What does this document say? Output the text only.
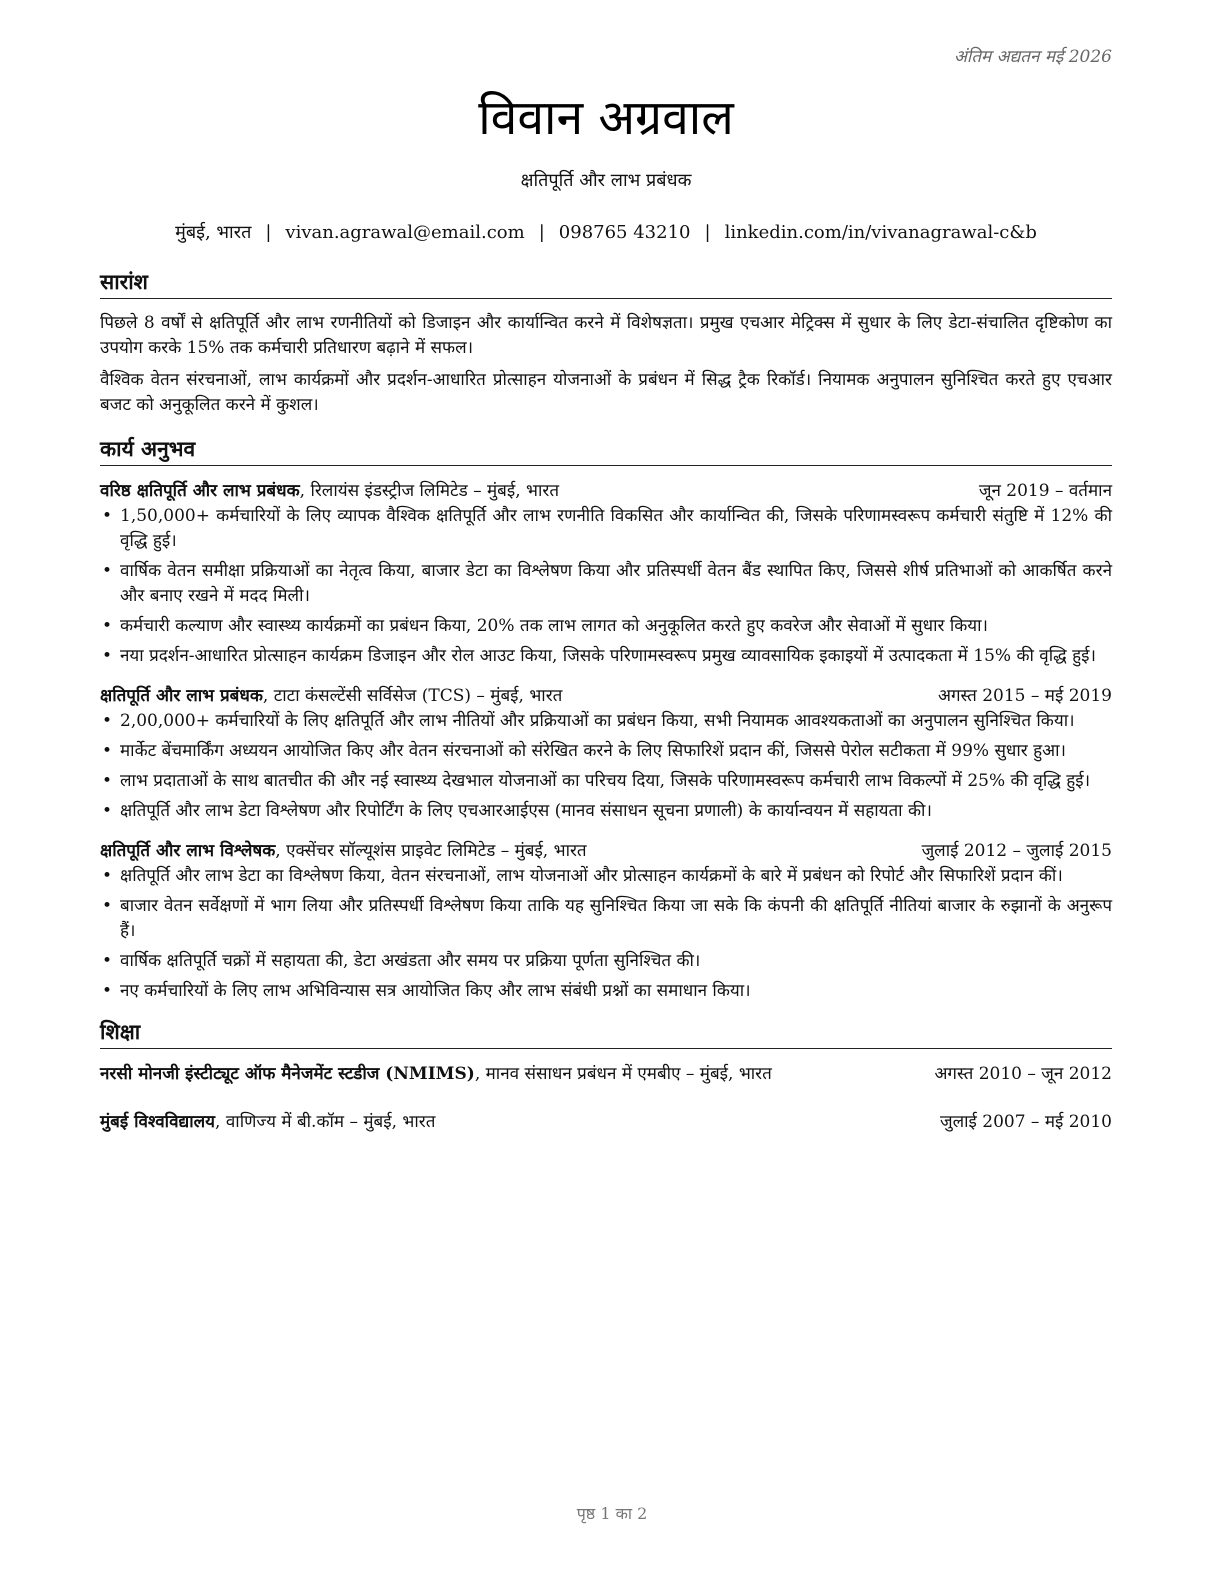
अंतिम अद्यतन मई 2026
विवान अग्रवाल
क्षतिपूर्ति और लाभ प्रबंधक
मुंबई, भारत | vivan.agrawal@email.com | 098765 43210 | linkedin.com/in/vivanagrawal-c&b
सारांश

पिछले 8 वर्षों से क्षतिपूर्ति और लाभ रणनीतियों को डिजाइन और कार्यान्वित करने में विशेषज्ञता। प्रमुख एचआर मेट्रिक्स में सुधार के लिए डेटा-संचालित दृष्टिकोण का उपयोग करके 15% तक कर्मचारी प्रतिधारण बढ़ाने में सफल।

वैश्विक वेतन संरचनाओं, लाभ कार्यक्रमों और प्रदर्शन-आधारित प्रोत्साहन योजनाओं के प्रबंधन में सिद्ध ट्रैक रिकॉर्ड। नियामक अनुपालन सुनिश्चित करते हुए एचआर बजट को अनुकूलित करने में कुशल।

कार्य अनुभव
वरिष्ठ क्षतिपूर्ति और लाभ प्रबंधक, रिलायंस इंडस्ट्रीज लिमिटेड – मुंबई, भारत	जून 2019 – वर्तमान
• 1,50,000+ कर्मचारियों के लिए व्यापक वैश्विक क्षतिपूर्ति और लाभ रणनीति विकसित और कार्यान्वित की, जिसके परिणामस्वरूप कर्मचारी संतुष्टि में 12% की वृद्धि हुई।
• वार्षिक वेतन समीक्षा प्रक्रियाओं का नेतृत्व किया, बाजार डेटा का विश्लेषण किया और प्रतिस्पर्धी वेतन बैंड स्थापित किए, जिससे शीर्ष प्रतिभाओं को आकर्षित करने और बनाए रखने में मदद मिली।
• कर्मचारी कल्याण और स्वास्थ्य कार्यक्रमों का प्रबंधन किया, 20% तक लाभ लागत को अनुकूलित करते हुए कवरेज और सेवाओं में सुधार किया।
• नया प्रदर्शन-आधारित प्रोत्साहन कार्यक्रम डिजाइन और रोल आउट किया, जिसके परिणामस्वरूप प्रमुख व्यावसायिक इकाइयों में उत्पादकता में 15% की वृद्धि हुई।
क्षतिपूर्ति और लाभ प्रबंधक, टाटा कंसल्टेंसी सर्विसेज (TCS) – मुंबई, भारत	अगस्त 2015 – मई 2019
• 2,00,000+ कर्मचारियों के लिए क्षतिपूर्ति और लाभ नीतियों और प्रक्रियाओं का प्रबंधन किया, सभी नियामक आवश्यकताओं का अनुपालन सुनिश्चित किया।
• मार्केट बेंचमार्किंग अध्ययन आयोजित किए और वेतन संरचनाओं को संरेखित करने के लिए सिफारिशें प्रदान कीं, जिससे पेरोल सटीकता में 99% सुधार हुआ।
• लाभ प्रदाताओं के साथ बातचीत की और नई स्वास्थ्य देखभाल योजनाओं का परिचय दिया, जिसके परिणामस्वरूप कर्मचारी लाभ विकल्पों में 25% की वृद्धि हुई।
• क्षतिपूर्ति और लाभ डेटा विश्लेषण और रिपोर्टिंग के लिए एचआरआईएस (मानव संसाधन सूचना प्रणाली) के कार्यान्वयन में सहायता की।
क्षतिपूर्ति और लाभ विश्लेषक, एक्सेंचर सॉल्यूशंस प्राइवेट लिमिटेड – मुंबई, भारत	जुलाई 2012 – जुलाई 2015
• क्षतिपूर्ति और लाभ डेटा का विश्लेषण किया, वेतन संरचनाओं, लाभ योजनाओं और प्रोत्साहन कार्यक्रमों के बारे में प्रबंधन को रिपोर्ट और सिफारिशें प्रदान कीं।
• बाजार वेतन सर्वेक्षणों में भाग लिया और प्रतिस्पर्धी विश्लेषण किया ताकि यह सुनिश्चित किया जा सके कि कंपनी की क्षतिपूर्ति नीतियां बाजार के रुझानों के अनुरूप हैं।
• वार्षिक क्षतिपूर्ति चक्रों में सहायता की, डेटा अखंडता और समय पर प्रक्रिया पूर्णता सुनिश्चित की।
• नए कर्मचारियों के लिए लाभ अभिविन्यास सत्र आयोजित किए और लाभ संबंधी प्रश्नों का समाधान किया।
शिक्षा
नरसी मोनजी इंस्टीट्यूट ऑफ मैनेजमेंट स्टडीज (NMIMS), मानव संसाधन प्रबंधन में एमबीए – मुंबई, भारत	अगस्त 2010 – जून 2012
मुंबई विश्वविद्यालय, वाणिज्य में बी.कॉम – मुंबई, भारत	जुलाई 2007 – मई 2010
पृष्ठ 1 का 2
